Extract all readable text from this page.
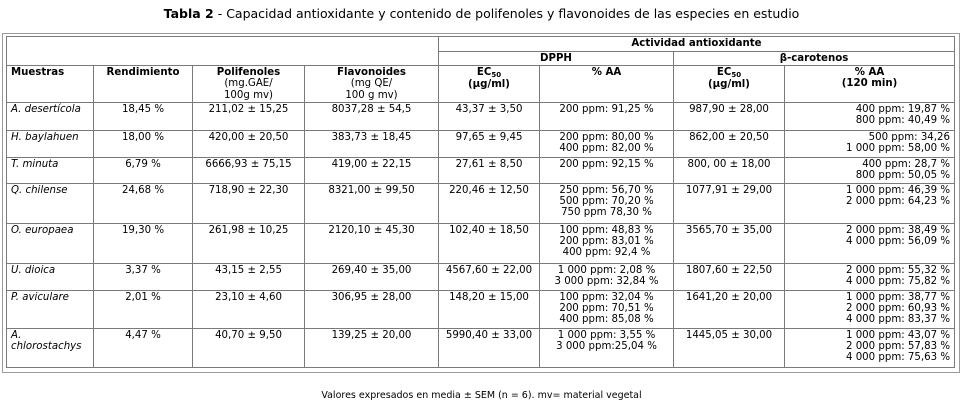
Tabla 2 - Capacidad antioxidante y contenido de polifenoles y flavonoides de las especies en estudio
				Actividad antioxidante			
				DPPH		β-carotenos	
Muestras	Rendimiento	Polifenoles
(mg.GAE/
100g mv)	Flavonoides
(mg QE/
100 g mv)	EC50
(µg/ml)	% AA	EC50
(µg/ml)	% AA
(120 min)

A. desertícola	18,45 %	211,02 ± 15,25	8037,28 ± 54,5	43,37 ± 3,50	200 ppm: 91,25 %	987,90 ± 28,00	400 ppm: 19,87 %
800 ppm: 40,49 %

H. baylahuen	18,00 %	420,00 ± 20,50	383,73 ± 18,45	97,65 ± 9,45	200 ppm: 80,00 %
400 ppm: 82,00 %	862,00 ± 20,50	500 ppm: 34,26
1 000 ppm: 58,00 %

T. minuta	6,79 %	6666,93 ± 75,15	419,00 ± 22,15	27,61 ± 8,50	200 ppm: 92,15 %	800, 00 ± 18,00	400 ppm: 28,7 %
800 ppm: 50,05 %

Q. chilense	24,68 %	718,90 ± 22,30	8321,00 ± 99,50	220,46 ± 12,50	250 ppm: 56,70 %
500 ppm: 70,20 %
750 ppm 78,30 %	1077,91 ± 29,00	1 000 ppm: 46,39 %
2 000 ppm: 64,23 %

O. europaea	19,30 %	261,98 ± 10,25	2120,10 ± 45,30	102,40 ± 18,50	100 ppm: 48,83 %
200 ppm: 83,01 %
400 ppm: 92,4 %	3565,70 ± 35,00	2 000 ppm: 38,49 %
4 000 ppm: 56,09 %

U. dioica	3,37 %	43,15 ± 2,55	269,40 ± 35,00	4567,60 ± 22,00	1 000 ppm: 2,08 %
3 000 ppm: 32,84 %	1807,60 ± 22,50	2 000 ppm: 55,32 %
4 000 ppm: 75,82 %

P. aviculare	2,01 %	23,10 ± 4,60	306,95 ± 28,00	148,20 ± 15,00	100 ppm: 32,04 %
200 ppm: 70,51 %
400 ppm: 85,08 %	1641,20 ± 20,00	1 000 ppm: 38,77 %
2 000 ppm: 60,93 %
4 000 ppm: 83,37 %

A. chlorostachys	4,47 %	40,70 ± 9,50	139,25 ± 20,00	5990,40 ± 33,00	1 000 ppm: 3,55 %
3 000 ppm:25,04 %	1445,05 ± 30,00	1 000 ppm: 43,07 %
2 000 ppm: 57,83 %
4 000 ppm: 75,63 %
Valores expresados en media ± SEM (n = 6). mv= material vegetal
